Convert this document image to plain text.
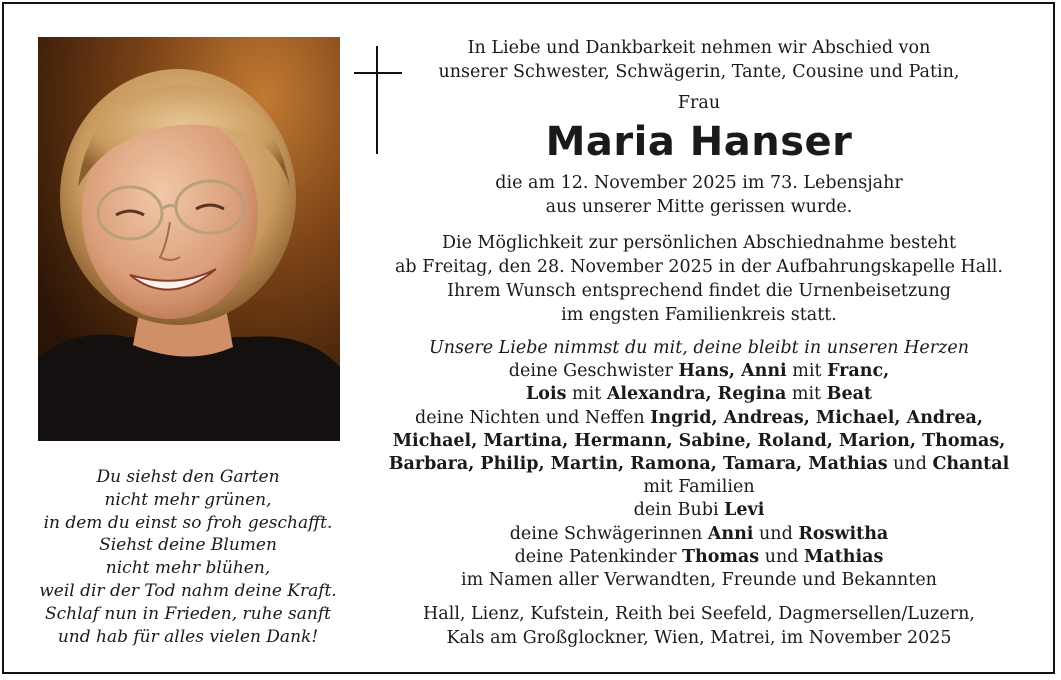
Du siehst den Garten
nicht mehr grünen,
in dem du einst so froh geschafft.
Siehst deine Blumen
nicht mehr blühen,
weil dir der Tod nahm deine Kraft.
Schlaf nun in Frieden, ruhe sanft
und hab für alles vielen Dank!
In Liebe und Dankbarkeit nehmen wir Abschied von
unserer Schwester, Schwägerin, Tante, Cousine und Patin,
Frau
Maria Hanser
die am 12. November 2025 im 73. Lebensjahr
aus unserer Mitte gerissen wurde.
Die Möglichkeit zur persönlichen Abschiednahme besteht
ab Freitag, den 28. November 2025 in der Aufbahrungskapelle Hall.
Ihrem Wunsch entsprechend findet die Urnenbeisetzung
im engsten Familienkreis statt.
Unsere Liebe nimmst du mit, deine bleibt in unseren Herzen
deine Geschwister Hans, Anni mit Franc,
Lois mit Alexandra, Regina mit Beat
deine Nichten und Neffen Ingrid, Andreas, Michael, Andrea,
Michael, Martina, Hermann, Sabine, Roland, Marion, Thomas,
Barbara, Philip, Martin, Ramona, Tamara, Mathias und Chantal
mit Familien
dein Bubi Levi
deine Schwägerinnen Anni und Roswitha
deine Patenkinder Thomas und Mathias
im Namen aller Verwandten, Freunde und Bekannten
Hall, Lienz, Kufstein, Reith bei Seefeld, Dagmersellen/Luzern,
Kals am Großglockner, Wien, Matrei, im November 2025
